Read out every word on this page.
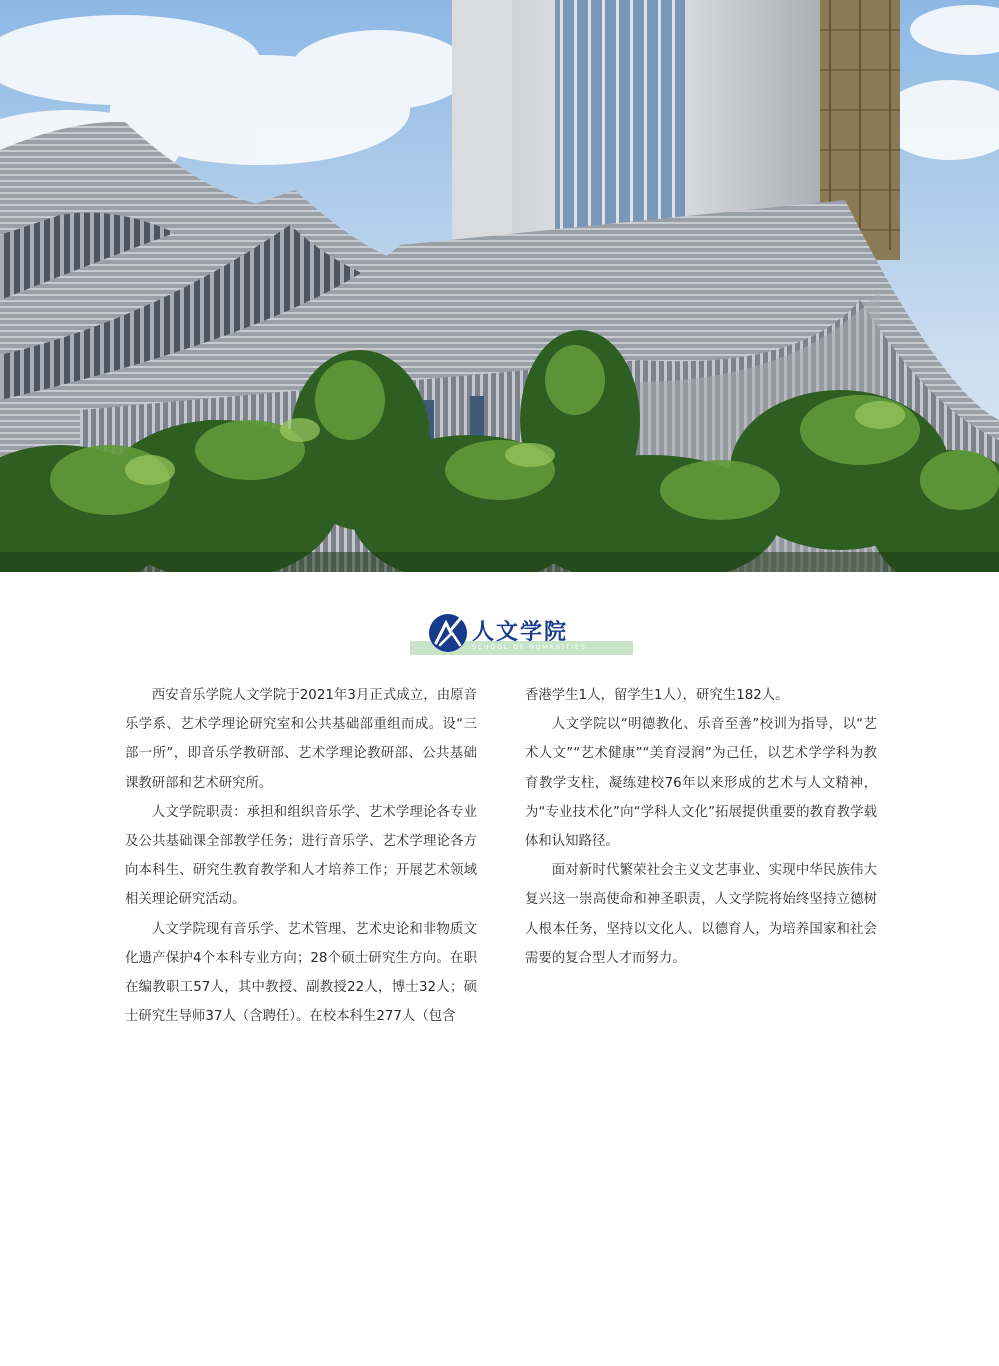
人文学院
SCHOOL OF HUMANITIES

西安音乐学院人文学院于2021年3月正式成立，由原音乐学系、艺术学理论研究室和公共基础部重组而成。设“三部一所”，即音乐学教研部、艺术学理论教研部、公共基础课教研部和艺术研究所。

人文学院职责：承担和组织音乐学、艺术学理论各专业及公共基础课全部教学任务；进行音乐学、艺术学理论各方向本科生、研究生教育教学和人才培养工作；开展艺术领域相关理论研究活动。

人文学院现有音乐学、艺术管理、艺术史论和非物质文化遗产保护4个本科专业方向；28个硕士研究生方向。在职在编教职工57人，其中教授、副教授22人，博士32人；硕士研究生导师37人（含聘任）。在校本科生277人（包含

香港学生1人，留学生1人），研究生182人。

人文学院以“明德教化、乐音至善”校训为指导，以“艺术人文”“艺术健康”“美育浸润”为己任，以艺术学学科为教育教学支柱，凝练建校76年以来形成的艺术与人文精神，为“专业技术化”向“学科人文化”拓展提供重要的教育教学载体和认知路径。

面对新时代繁荣社会主义文艺事业、实现中华民族伟大复兴这一崇高使命和神圣职责，人文学院将始终坚持立德树人根本任务，坚持以文化人、以德育人，为培养国家和社会需要的复合型人才而努力。
